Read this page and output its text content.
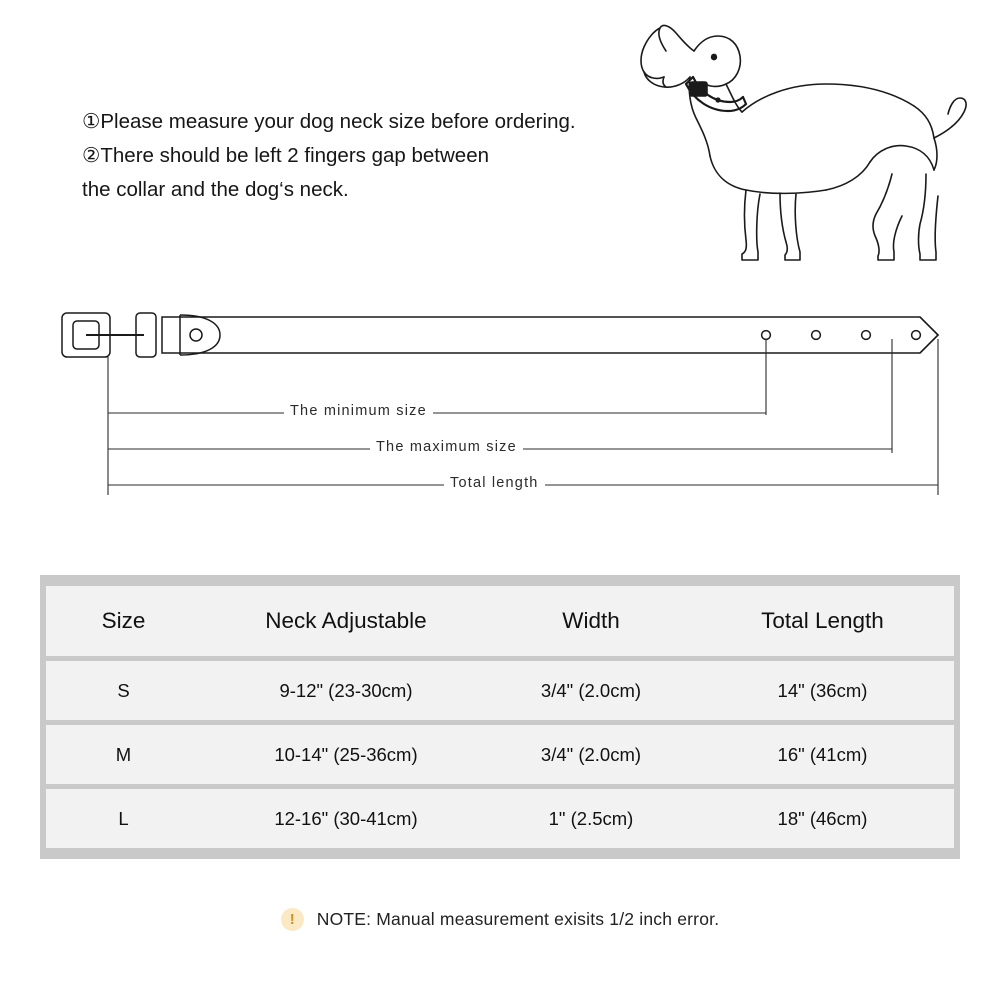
①Please measure your dog neck size before ordering.
②There should be left 2 fingers gap between
the collar and the dog‘s neck.
The minimum size
The maximum size
Total length
Size	Neck Adjustable	Width	Total Length
S	9-12" (23-30cm)	3/4" (2.0cm)	14" (36cm)
M	10-14" (25-36cm)	3/4" (2.0cm)	16" (41cm)
L	12-16" (30-41cm)	1" (2.5cm)	18" (46cm)
!	NOTE: Manual measurement exisits 1/2 inch error.
